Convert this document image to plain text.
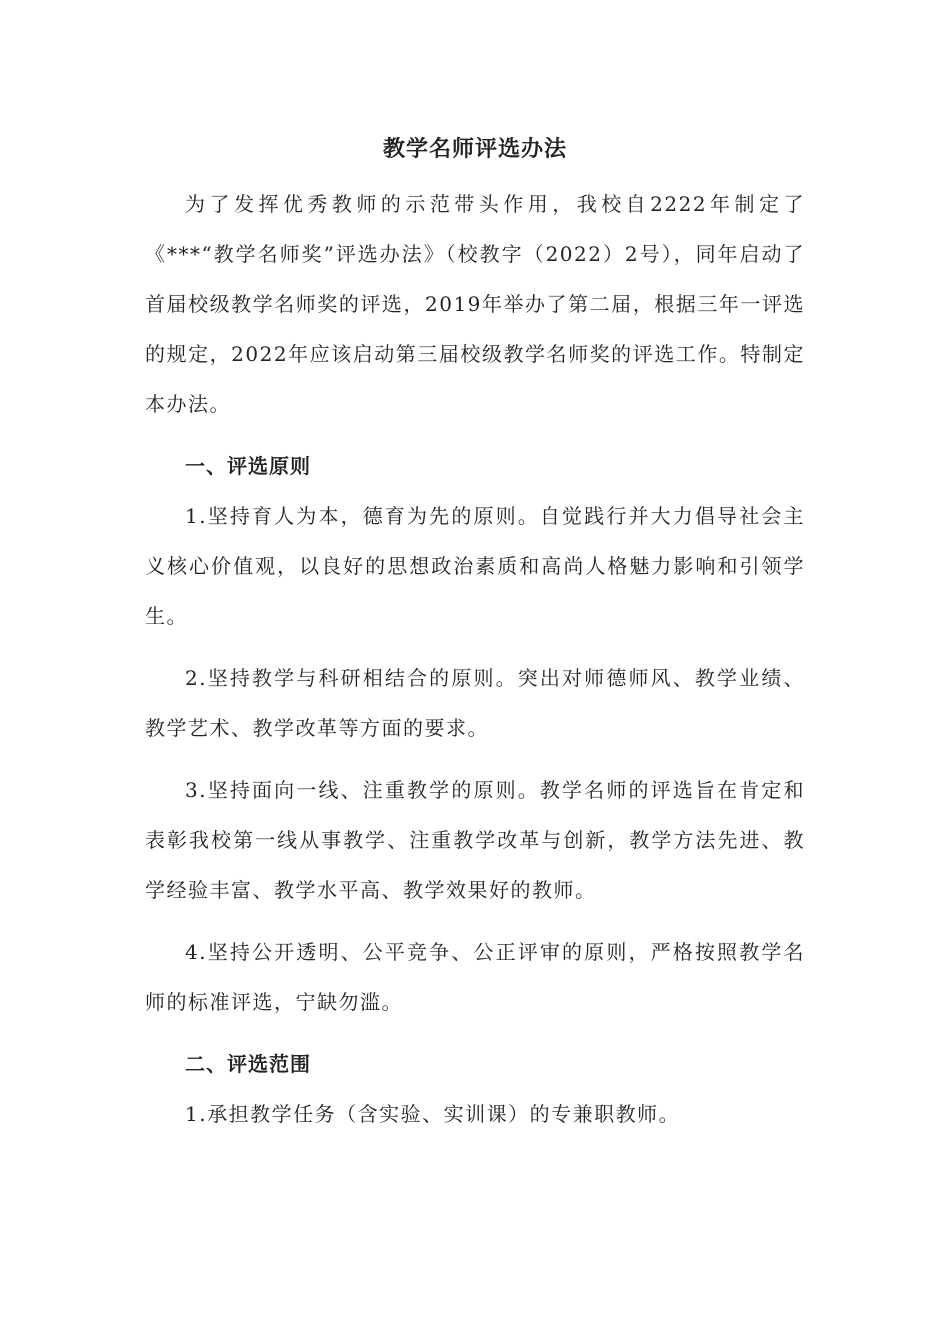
教学名师评选办法

为了发挥优秀教师的示范带头作用，我校自2222年制定了《***“教学名师奖”评选办法》（校教字（2022）2号），同年启动了首届校级教学名师奖的评选，2019年举办了第二届，根据三年一评选的规定，2022年应该启动第三届校级教学名师奖的评选工作。特制定本办法。

一、评选原则

1.坚持育人为本，德育为先的原则。自觉践行并大力倡导社会主义核心价值观，以良好的思想政治素质和高尚人格魅力影响和引领学生。

2.坚持教学与科研相结合的原则。突出对师德师风、教学业绩、教学艺术、教学改革等方面的要求。

3.坚持面向一线、注重教学的原则。教学名师的评选旨在肯定和表彰我校第一线从事教学、注重教学改革与创新，教学方法先进、教学经验丰富、教学水平高、教学效果好的教师。

4.坚持公开透明、公平竞争、公正评审的原则，严格按照教学名师的标准评选，宁缺勿滥。

二、评选范围

1.承担教学任务（含实验、实训课）的专兼职教师。
